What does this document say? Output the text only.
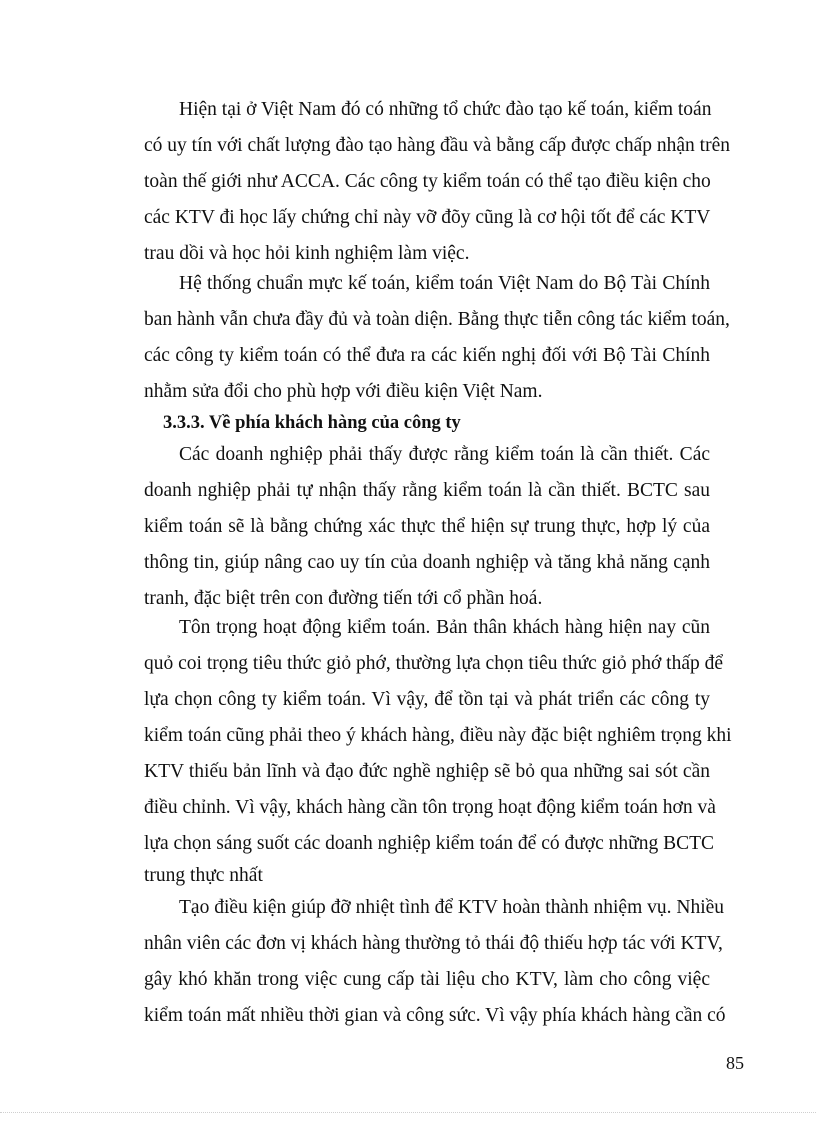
Hiện tại ở Việt Nam đó có những tổ chức đào tạo kế toán, kiểm toán
có uy tín với chất lượng đào tạo hàng đầu và bằng cấp được chấp nhận trên
toàn thế giới như ACCA. Các công ty kiểm toán có thể tạo điều kiện cho
các KTV đi học lấy chứng chỉ này vỡ đõy cũng là cơ hội tốt để các KTV
trau dồi và học hỏi kinh nghiệm làm việc.
Hệ thống chuẩn mực kế toán, kiểm toán Việt Nam do Bộ Tài Chính
ban hành vẫn chưa đầy đủ và toàn diện. Bằng thực tiễn công tác kiểm toán,
các công ty kiểm toán có thể đưa ra các kiến nghị đối với Bộ Tài Chính
nhằm sửa đổi cho phù hợp với điều kiện Việt Nam.
3.3.3. Về phía khách hàng của công ty
Các doanh nghiệp phải thấy được rằng kiểm toán là cần thiết. Các
doanh nghiệp phải tự nhận thấy rằng kiểm toán là cần thiết. BCTC sau
kiểm toán sẽ là bằng chứng xác thực thể hiện sự trung thực, hợp lý của
thông tin, giúp nâng cao uy tín của doanh nghiệp và tăng khả năng cạnh
tranh, đặc biệt trên con đường tiến tới cổ phần hoá.
Tôn trọng hoạt động kiểm toán. Bản thân khách hàng hiện nay cũn
quỏ coi trọng tiêu thức giỏ phớ, thường lựa chọn tiêu thức giỏ phớ thấp để
lựa chọn công ty kiểm toán. Vì vậy, để tồn tại và phát triển các công ty
kiểm toán cũng phải theo ý khách hàng, điều này đặc biệt nghiêm trọng khi
KTV thiếu bản lĩnh và đạo đức nghề nghiệp sẽ bỏ qua những sai sót cần
điều chỉnh. Vì vậy, khách hàng cần tôn trọng hoạt động kiểm toán hơn và
lựa chọn sáng suốt các doanh nghiệp kiểm toán để có được những BCTC
trung thực nhất
Tạo điều kiện giúp đỡ nhiệt tình để KTV hoàn thành nhiệm vụ. Nhiều
nhân viên các đơn vị khách hàng thường tỏ thái độ thiếu hợp tác với KTV,
gây khó khăn trong việc cung cấp tài liệu cho KTV, làm cho công việc
kiểm toán mất nhiều thời gian và công sức. Vì vậy phía khách hàng cần có
85
